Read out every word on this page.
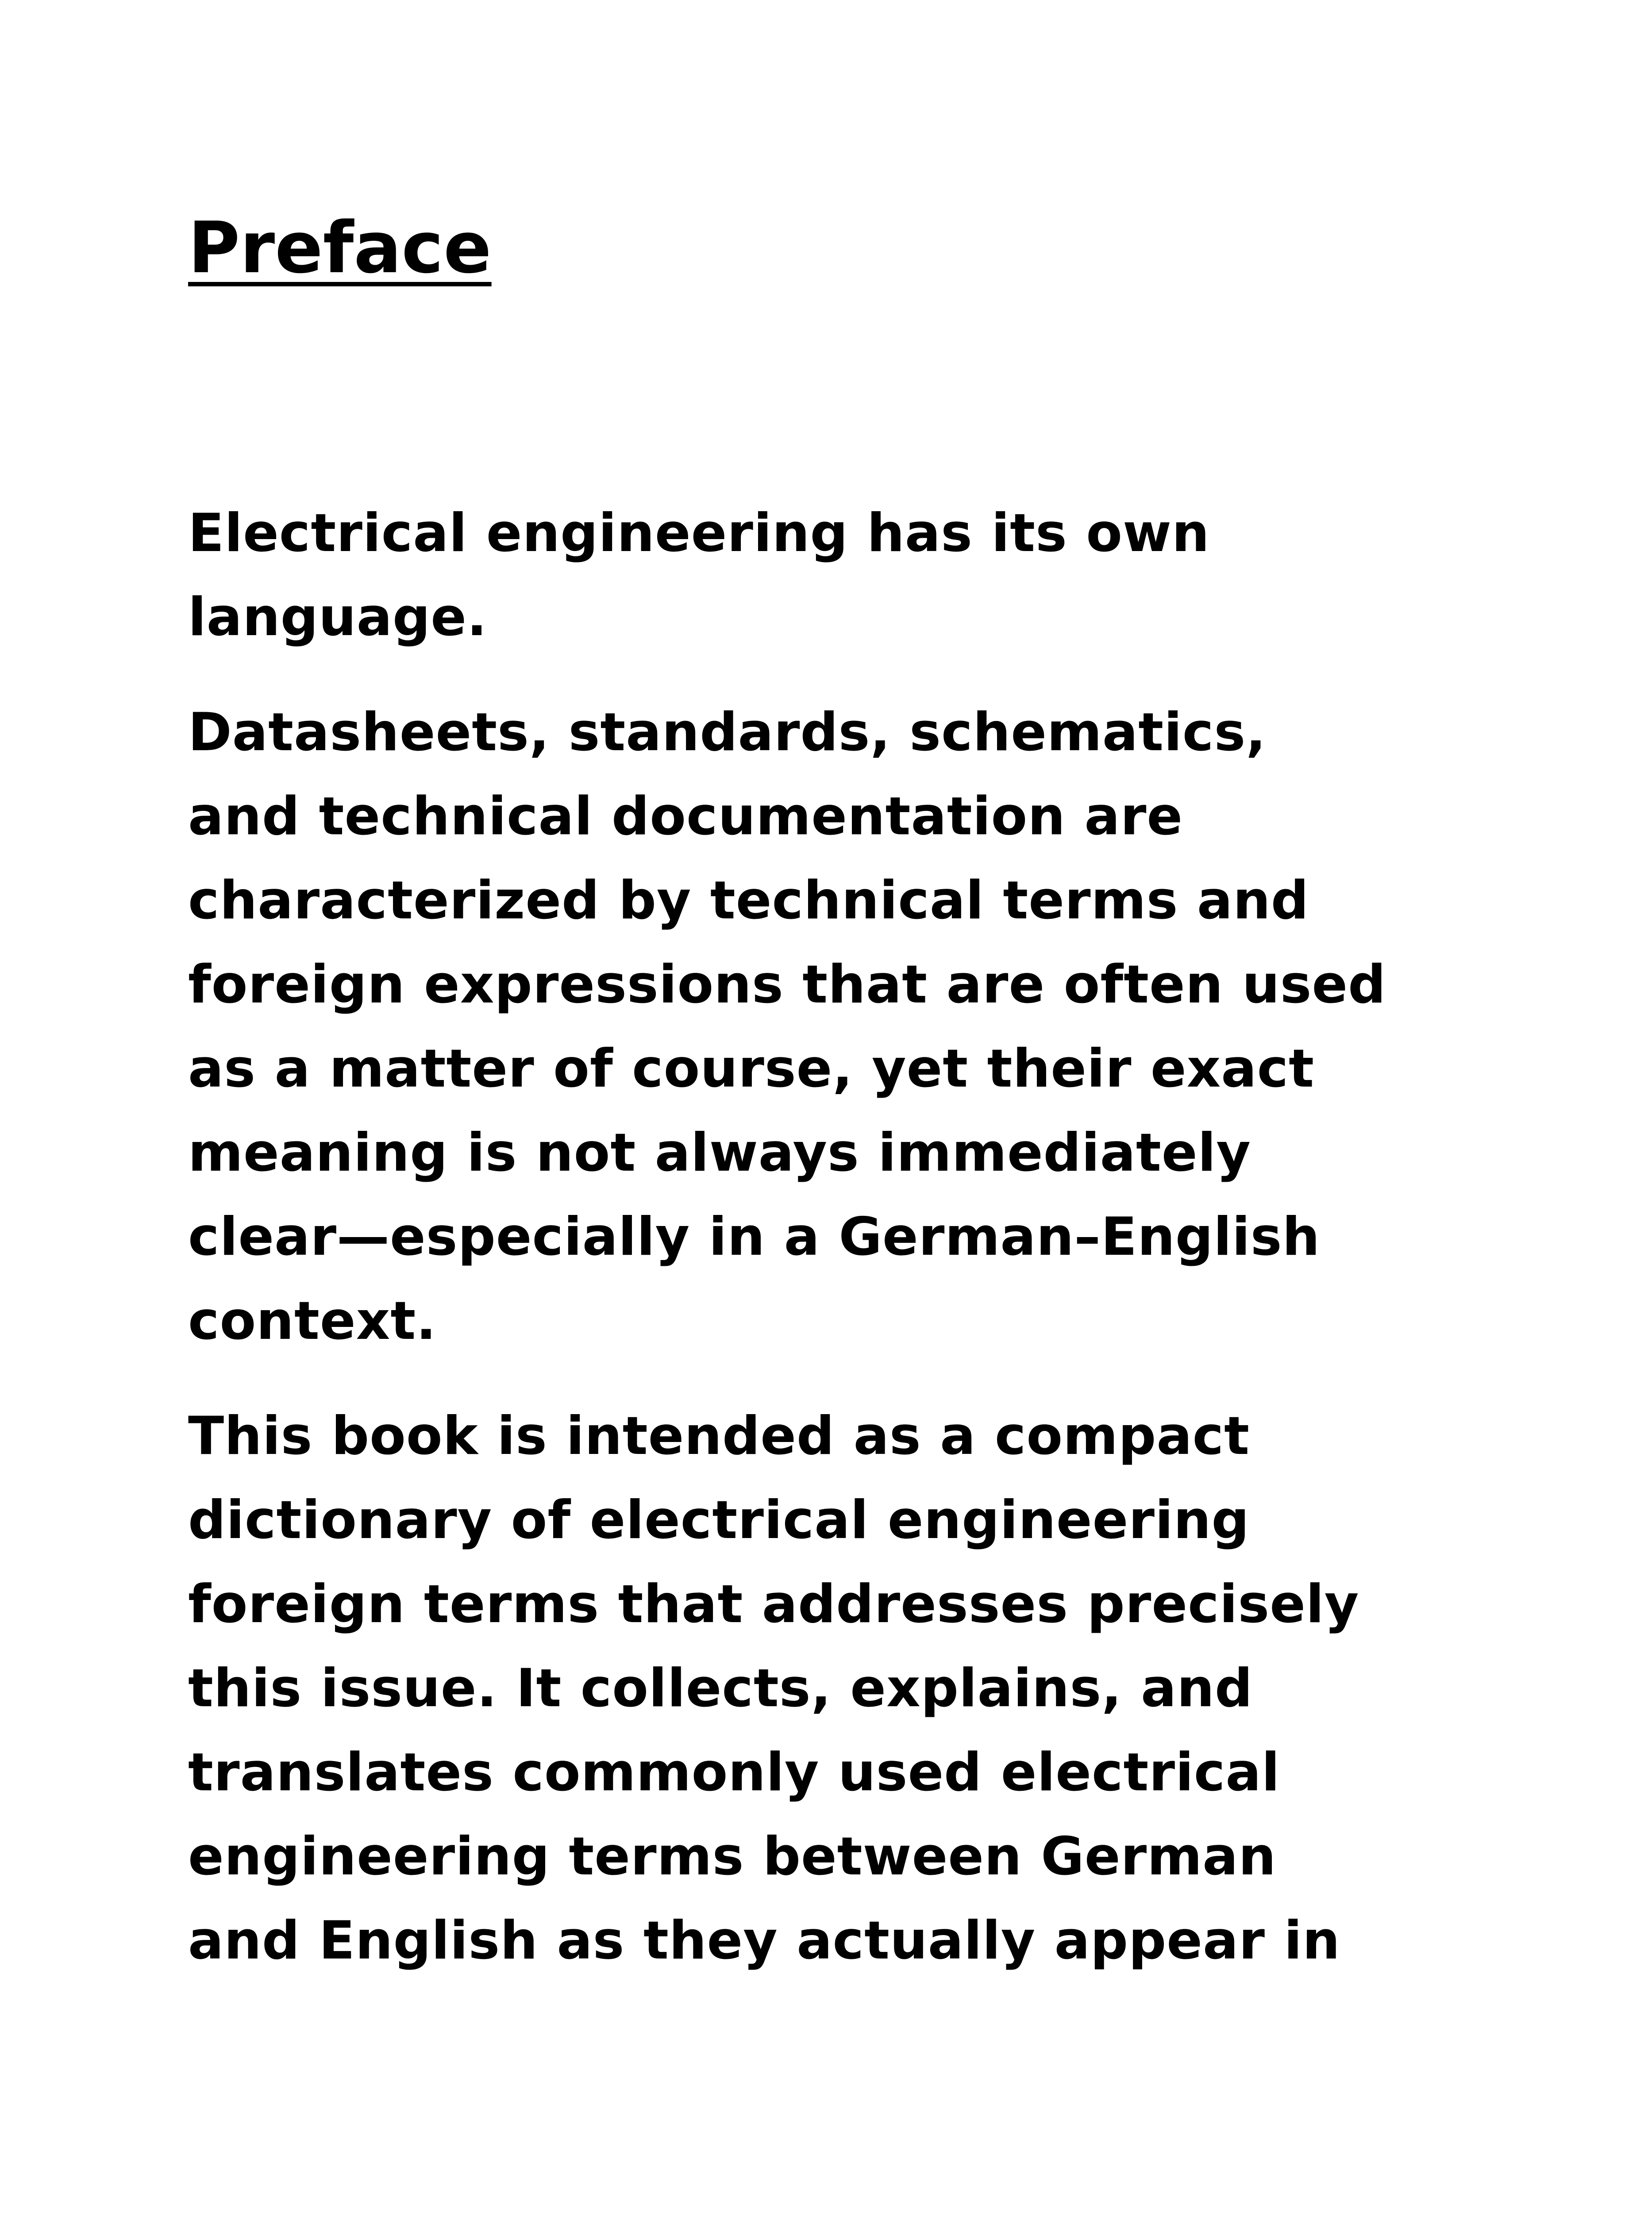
Preface

Electrical engineering has its own
language.

Datasheets, standards, schematics,
and technical documentation are
characterized by technical terms and
foreign expressions that are often used
as a matter of course, yet their exact
meaning is not always immediately
clear—especially in a German–English
context.

This book is intended as a compact
dictionary of electrical engineering
foreign terms that addresses precisely
this issue. It collects, explains, and
translates commonly used electrical
engineering terms between German
and English as they actually appear in
